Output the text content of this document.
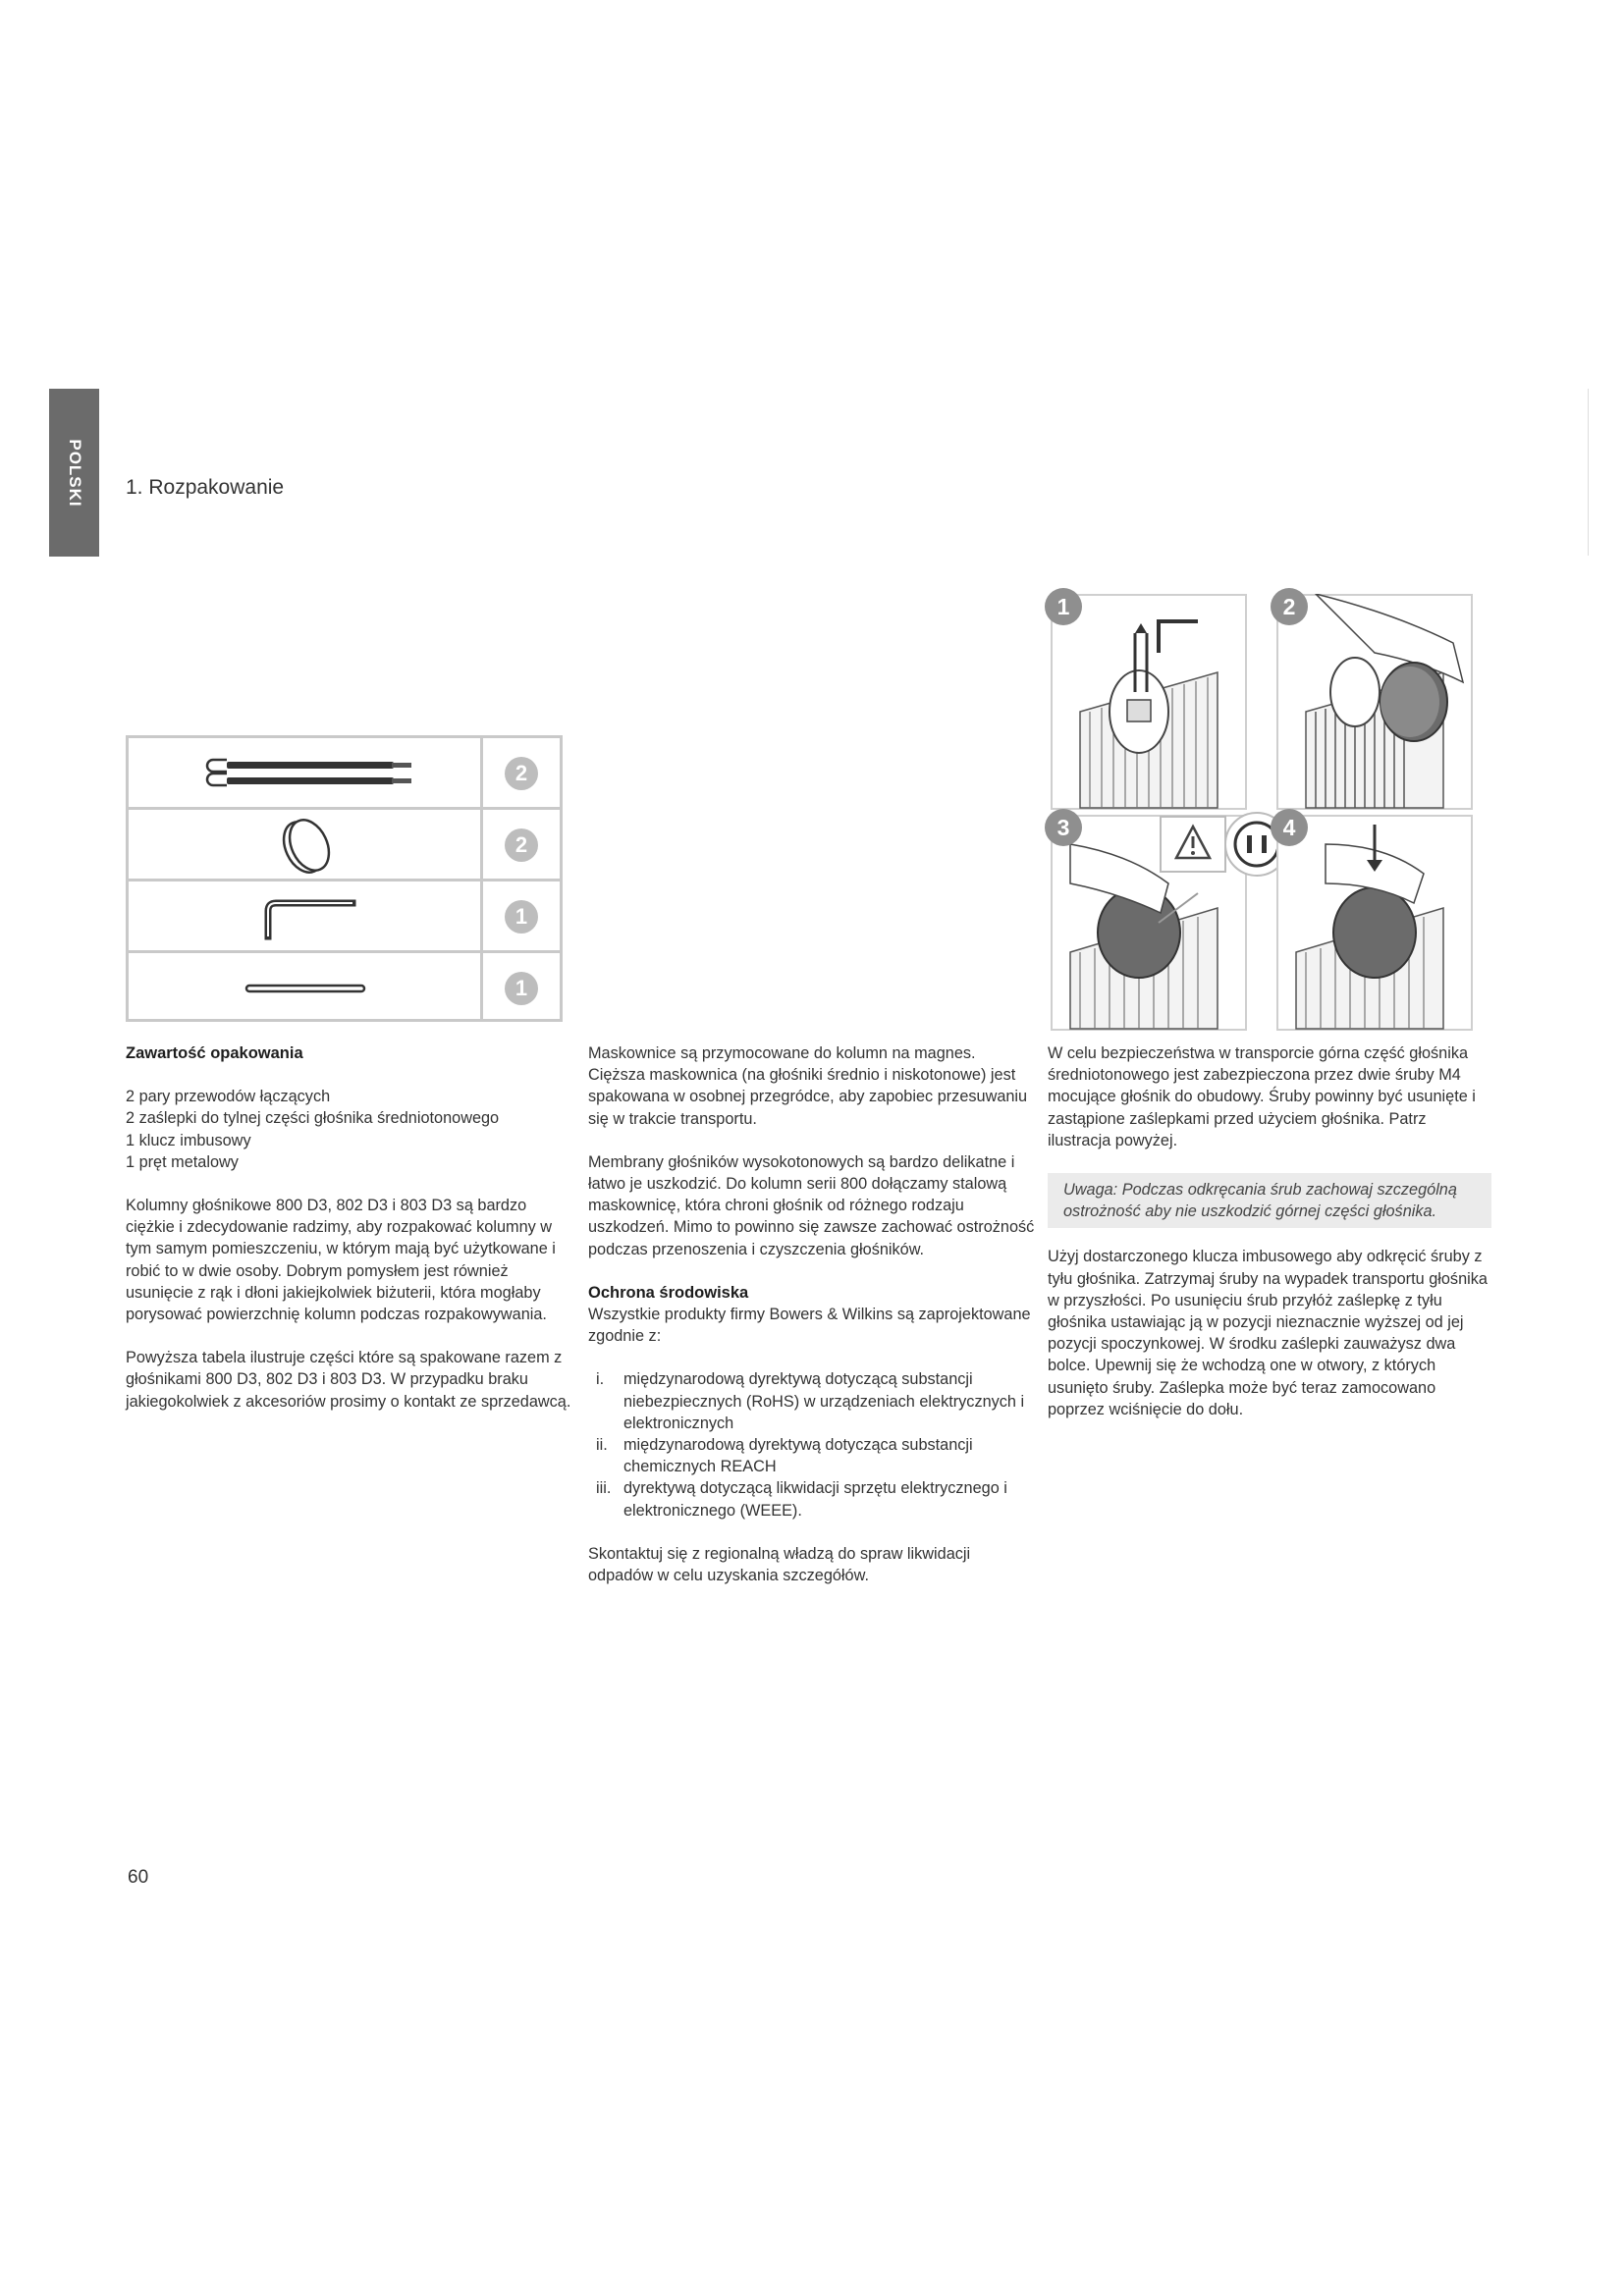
POLSKI 1. Rozpakowanie
2
2
1
1
1	2
3	4
Zawartość opakowania
2 pary przewodów łączących
2 zaślepki do tylnej części głośnika średniotonowego
1 klucz imbusowy
1 pręt metalowy

Kolumny głośnikowe 800 D3, 802 D3 i 803 D3 są bardzo ciężkie i zdecydowanie radzimy, aby rozpakować kolumny w tym samym pomieszczeniu, w którym mają być użytkowane i robić to w dwie osoby. Dobrym pomysłem jest również usunięcie z rąk i dłoni jakiejkolwiek biżuterii, która mogłaby porysować powierzchnię kolumn podczas rozpakowywania.

Powyższa tabela ilustruje części które są spakowane razem z głośnikami 800 D3, 802 D3 i 803 D3. W przypadku braku jakiegokolwiek z akcesoriów prosimy o kontakt ze sprzedawcą.

Maskownice są przymocowane do kolumn na magnes. Cięższa maskownica (na głośniki średnio i niskotonowe) jest spakowana w osobnej przegródce, aby zapobiec przesuwaniu się w trakcie transportu.

Membrany głośników wysokotonowych są bardzo delikatne i łatwo je uszkodzić. Do kolumn serii 800 dołączamy stalową maskownicę, która chroni głośnik od różnego rodzaju uszkodzeń. Mimo to powinno się zawsze zachować ostrożność podczas przenoszenia i czyszczenia głośników.

Ochrona środowiska

Wszystkie produkty firmy Bowers & Wilkins są zaprojektowane zgodnie z:

i. międzynarodową dyrektywą dotyczącą substancji niebezpiecznych (RoHS) w urządzeniach elektrycznych i elektronicznych
ii. międzynarodową dyrektywą dotycząca substancji chemicznych REACH
iii. dyrektywą dotyczącą likwidacji sprzętu elektrycznego i elektronicznego (WEEE).

Skontaktuj się z regionalną władzą do spraw likwidacji odpadów w celu uzyskania szczegółów.

W celu bezpieczeństwa w transporcie górna część głośnika średniotonowego jest zabezpieczona przez dwie śruby M4 mocujące głośnik do obudowy. Śruby powinny być usunięte i zastąpione zaślepkami przed użyciem głośnika. Patrz ilustracja powyżej.

Uwaga: Podczas odkręcania śrub zachowaj szczególną ostrożność aby nie uszkodzić górnej części głośnika.

Użyj dostarczonego klucza imbusowego aby odkręcić śruby z tyłu głośnika. Zatrzymaj śruby na wypadek transportu głośnika w przyszłości. Po usunięciu śrub przyłóż zaślepkę z tyłu głośnika ustawiając ją w pozycji nieznacznie wyższej od jej pozycji spoczynkowej. W środku zaślepki zauważysz dwa bolce. Upewnij się że wchodzą one w otwory, z których usunięto śruby. Zaślepka może być teraz zamocowano poprzez wciśnięcie do dołu.

60
